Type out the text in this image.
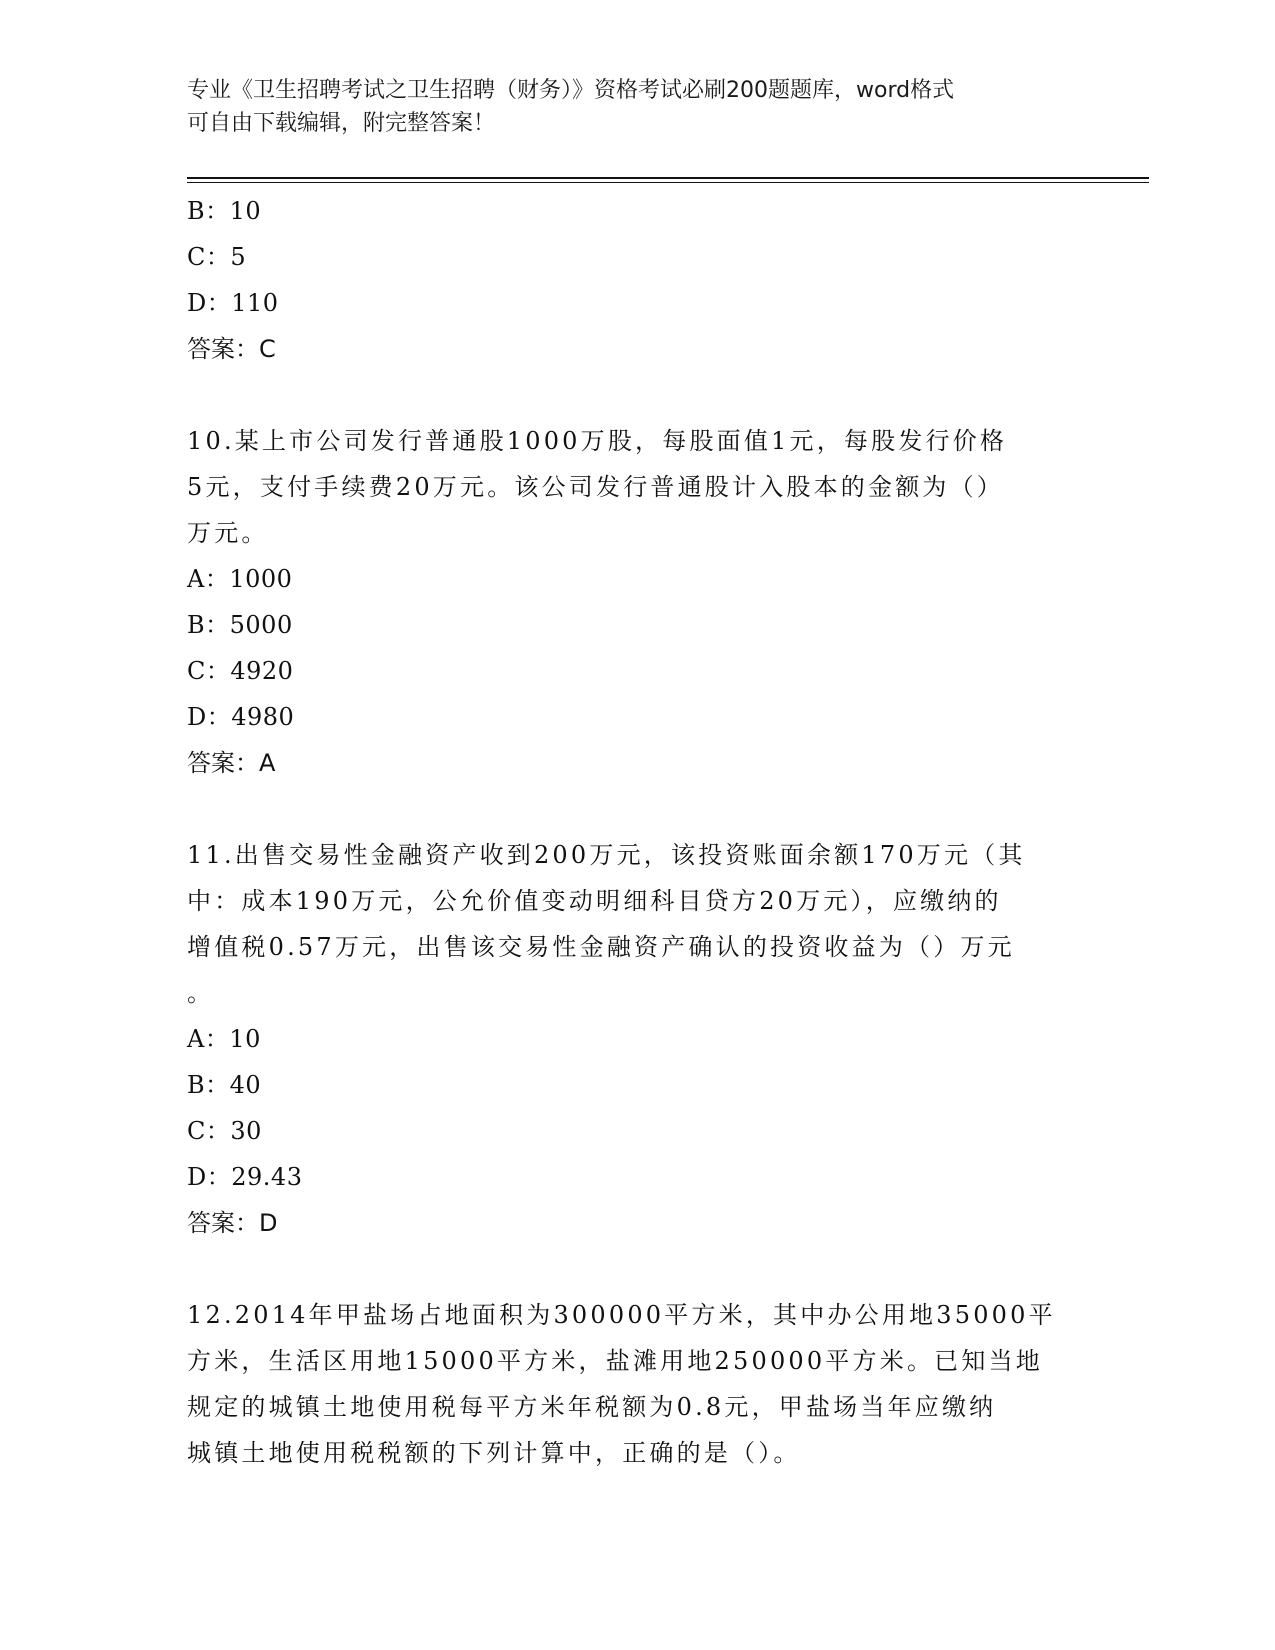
专业《卫生招聘考试之卫生招聘（财务）》资格考试必刷200题题库，word格式
可自由下载编辑，附完整答案！
B：10
C：5
D：110
答案：C
10.某上市公司发行普通股1000万股，每股面值1元，每股发行价格
5元，支付手续费20万元。该公司发行普通股计入股本的金额为（）
万元。
A：1000
B：5000
C：4920
D：4980
答案：A
11.出售交易性金融资产收到200万元，该投资账面余额170万元（其
中：成本190万元，公允价值变动明细科目贷方20万元），应缴纳的
增值税0.57万元，出售该交易性金融资产确认的投资收益为（）万元
。
A：10
B：40
C：30
D：29.43
答案：D
12.2014年甲盐场占地面积为300000平方米，其中办公用地35000平
方米，生活区用地15000平方米，盐滩用地250000平方米。已知当地
规定的城镇土地使用税每平方米年税额为0.8元，甲盐场当年应缴纳
城镇土地使用税税额的下列计算中，正确的是（）。
